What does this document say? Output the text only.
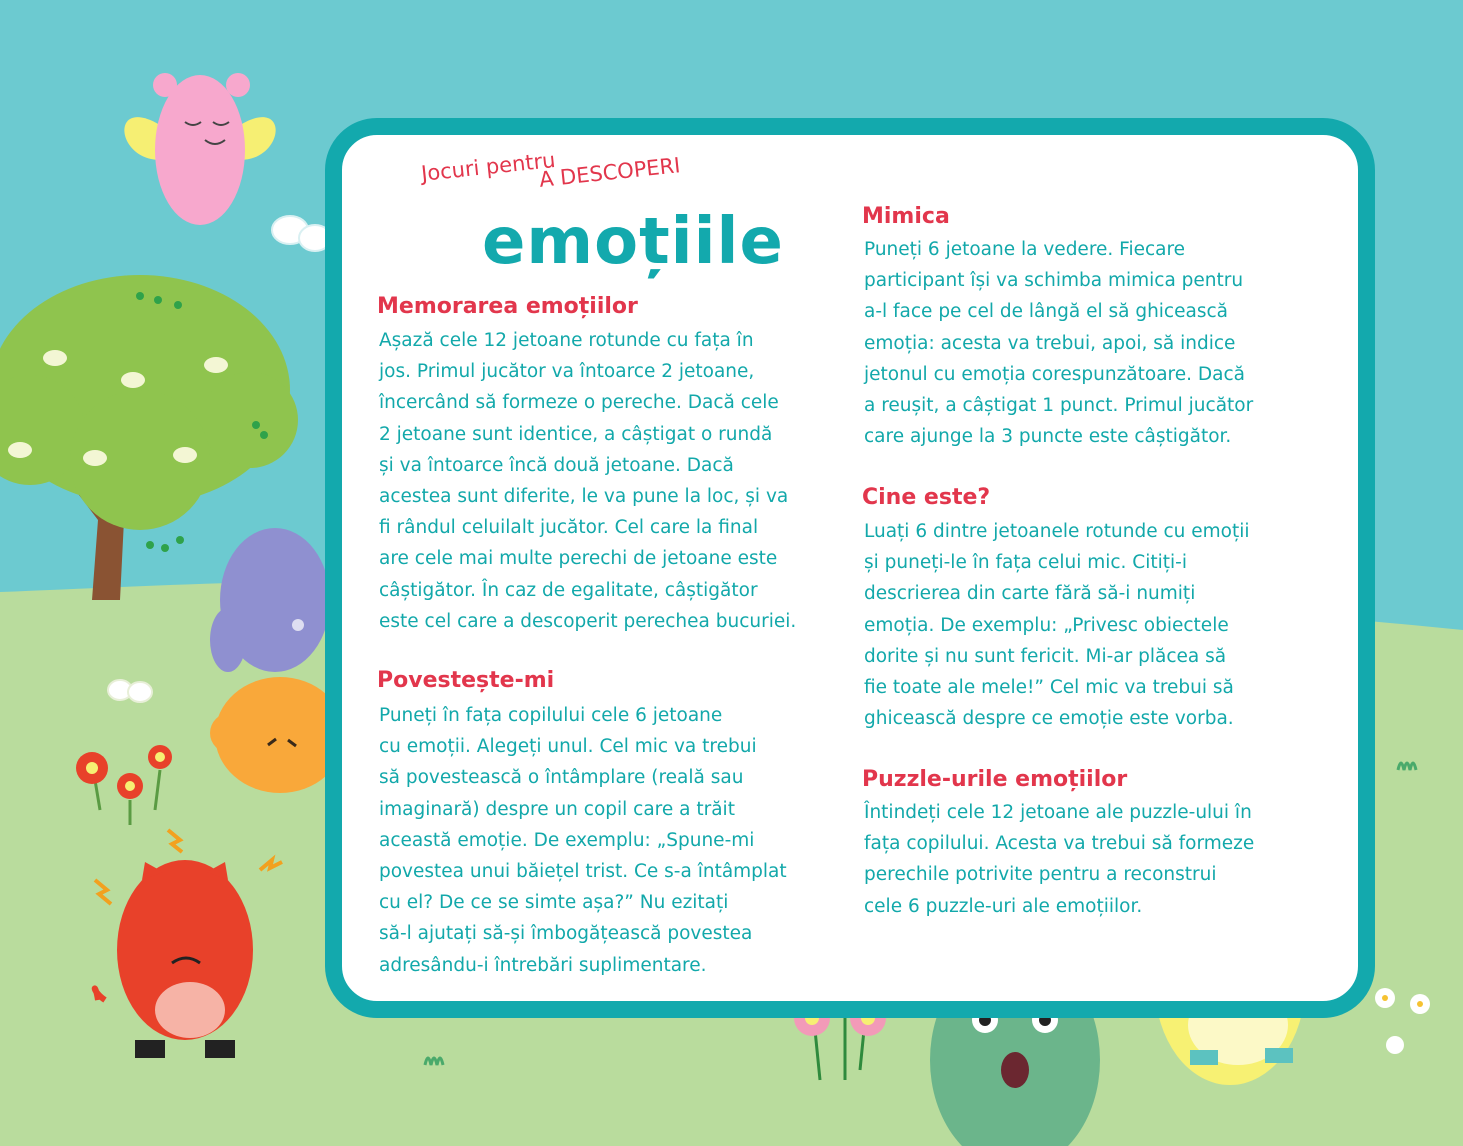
Jocuri pentru
A DESCOPERI
emoțiile
Memorarea emoțiilor
Așază cele 12 jetoane rotunde cu fața în
jos. Primul jucător va întoarce 2 jetoane,
încercând să formeze o pereche. Dacă cele
2 jetoane sunt identice, a câștigat o rundă
și va întoarce încă două jetoane. Dacă
acestea sunt diferite, le va pune la loc, și va
fi rândul celuilalt jucător. Cel care la final
are cele mai multe perechi de jetoane este
câștigător. În caz de egalitate, câștigător
este cel care a descoperit perechea bucuriei.
Povestește-mi
Puneți în fața copilului cele 6 jetoane
cu emoții. Alegeți unul. Cel mic va trebui
să povestească o întâmplare (reală sau
imaginară) despre un copil care a trăit
această emoție. De exemplu: „Spune-mi
povestea unui băiețel trist. Ce s-a întâmplat
cu el? De ce se simte așa?” Nu ezitați
să-l ajutați să-și îmbogățească povestea
adresându-i întrebări suplimentare.
Mimica
Puneți 6 jetoane la vedere. Fiecare
participant își va schimba mimica pentru
a-l face pe cel de lângă el să ghicească
emoția: acesta va trebui, apoi, să indice
jetonul cu emoția corespunzătoare. Dacă
a reușit, a câștigat 1 punct. Primul jucător
care ajunge la 3 puncte este câștigător.
Cine este?
Luați 6 dintre jetoanele rotunde cu emoții
și puneți-le în fața celui mic. Citiți-i
descrierea din carte fără să-i numiți
emoția. De exemplu: „Privesc obiectele
dorite și nu sunt fericit. Mi-ar plăcea să
fie toate ale mele!” Cel mic va trebui să
ghicească despre ce emoție este vorba.
Puzzle-urile emoțiilor
Întindeți cele 12 jetoane ale puzzle-ului în
fața copilului. Acesta va trebui să formeze
perechile potrivite pentru a reconstrui
cele 6 puzzle-uri ale emoțiilor.
